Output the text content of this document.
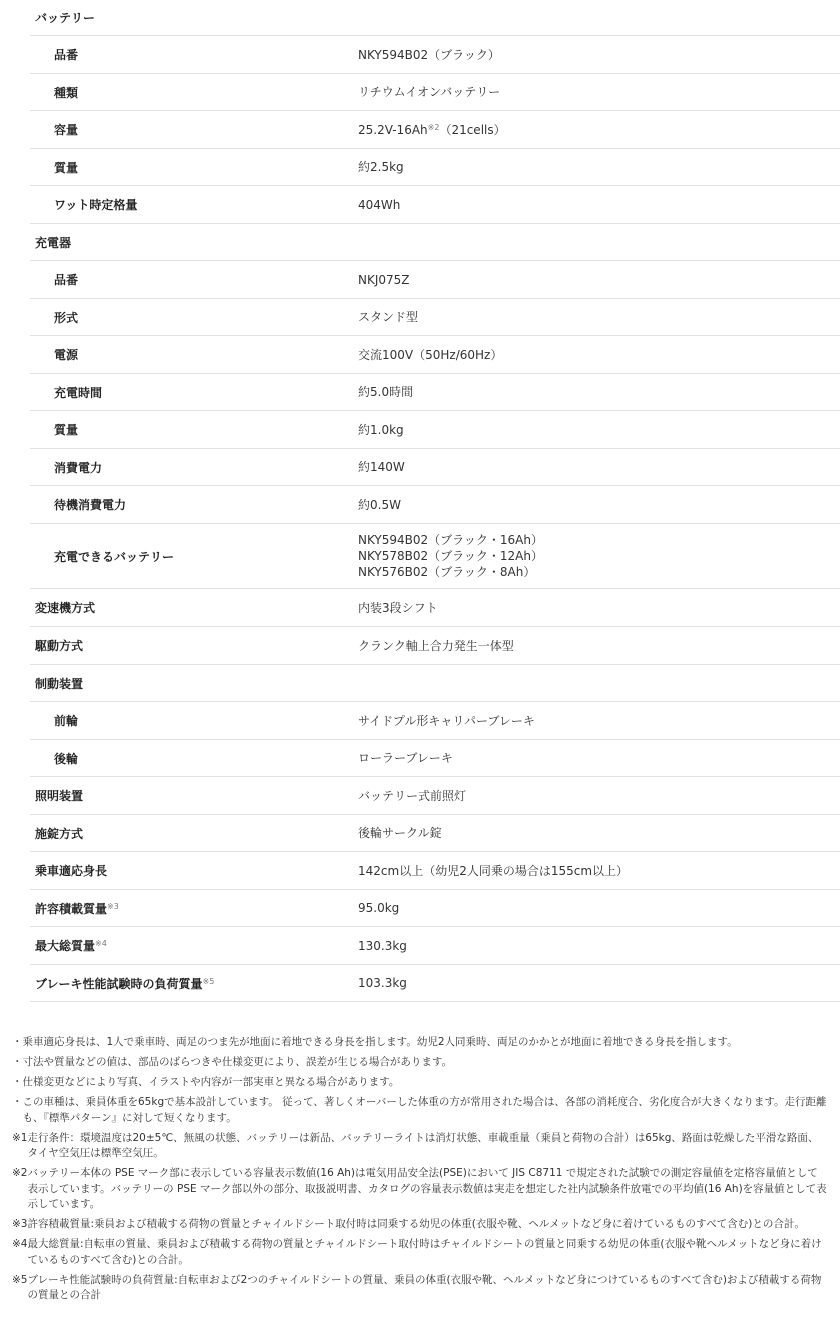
バッテリー
品番	NKY594B02（ブラック）
種類	リチウムイオンバッテリー
容量	25.2V-16Ah$^{※2}$（21cells）
質量	約2.5kg
ワット時定格量	404Wh
充電器
品番	NKJ075Z
形式	スタンド型
電源	交流100V（50Hz/60Hz）
充電時間	約5.0時間
質量	約1.0kg
消費電力	約140W
待機消費電力	約0.5W
充電できるバッテリー
NKY594B02（ブラック・16Ah）
NKY578B02（ブラック・12Ah）
NKY576B02（ブラック・8Ah）
変速機方式	内装3段シフト
駆動方式	クランク軸上合力発生一体型
制動装置
前輪	サイドプル形キャリパーブレーキ
後輪	ローラーブレーキ
照明装置	バッテリー式前照灯
施錠方式	後輪サークル錠
乗車適応身長	142cm以上（幼児2人同乗の場合は155cm以上）
許容積載質量$^{※3}$	95.0kg
最大総質量$^{※4}$	130.3kg
ブレーキ性能試験時の負荷質量$^{※5}$	103.3kg
・ 乗車適応身長は、1人で乗車時、両足のつま先が地面に着地できる身長を指します。幼児2人同乗時、両足のかかとが地面に着地できる身長を指します。
・ 寸法や質量などの値は、部品のばらつきや仕様変更により、誤差が生じる場合があります。
・ 仕様変更などにより写真、イラストや内容が一部実車と異なる場合があります。
・ この車種は、乗員体重を65kgで基本設計しています。 従って、著しくオーバーした体重の方が常用された場合は、各部の消耗度合、劣化度合が大きくなります。走行距離も、『標準パターン』に対して短くなります。
※1 走行条件：環境温度は20±5℃、無風の状態、バッテリーは新品、バッテリーライトは消灯状態、車載重量（乗員と荷物の合計）は65kg、路面は乾燥した平滑な路面、タイヤ空気圧は標準空気圧。
※2 バッテリー本体の PSE マーク部に表示している容量表示数値(16 Ah)は電気用品安全法(PSE)において JIS C8711 で規定された試験での測定容量値を定格容量値として表示しています。バッテリーの PSE マーク部以外の部分、取扱説明書、カタログの容量表示数値は実走を想定した社内試験条件放電での平均値(16 Ah)を容量値として表示しています。
※3 許容積載質量:乗員および積載する荷物の質量とチャイルドシート取付時は同乗する幼児の体重(衣服や靴、ヘルメットなど身に着けているものすべて含む)との合計。
※4 最大総質量:自転車の質量、乗員および積載する荷物の質量とチャイルドシート取付時はチャイルドシートの質量と同乗する幼児の体重(衣服や靴ヘルメットなど身に着けているものすべて含む)との合計。
※5 ブレーキ性能試験時の負荷質量:自転車および2つのチャイルドシートの質量、乗員の体重(衣服や靴、ヘルメットなど身につけているものすべて含む)および積載する荷物の質量との合計
